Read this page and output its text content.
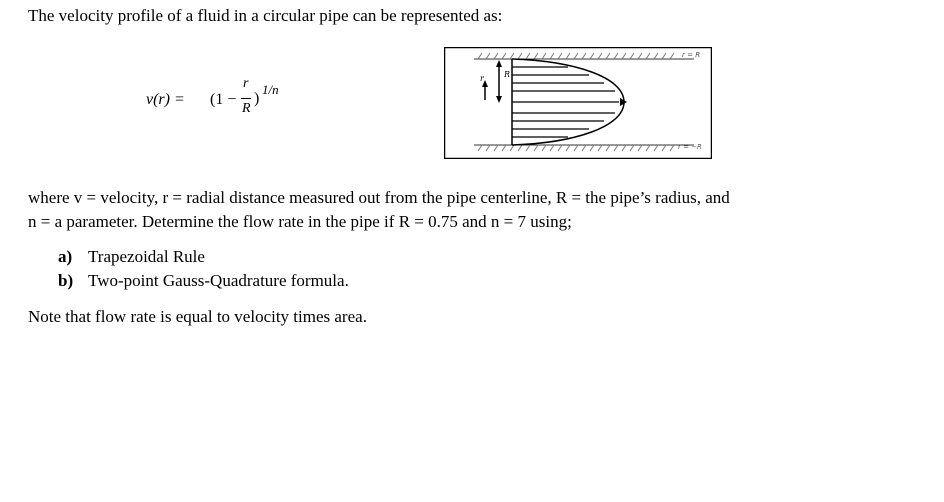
The velocity profile of a fluid in a circular pipe can be represented as:
v(r) = (1 −
r
R
)
1/n
r = R
r = −R
r	R
where v = velocity, r = radial distance measured out from the pipe centerline, R = the pipe’s radius, and
n = a parameter. Determine the flow rate in the pipe if R = 0.75 and n = 7 using;
a) Trapezoidal Rule
b) Two-point Gauss-Quadrature formula.
Note that flow rate is equal to velocity times area.
